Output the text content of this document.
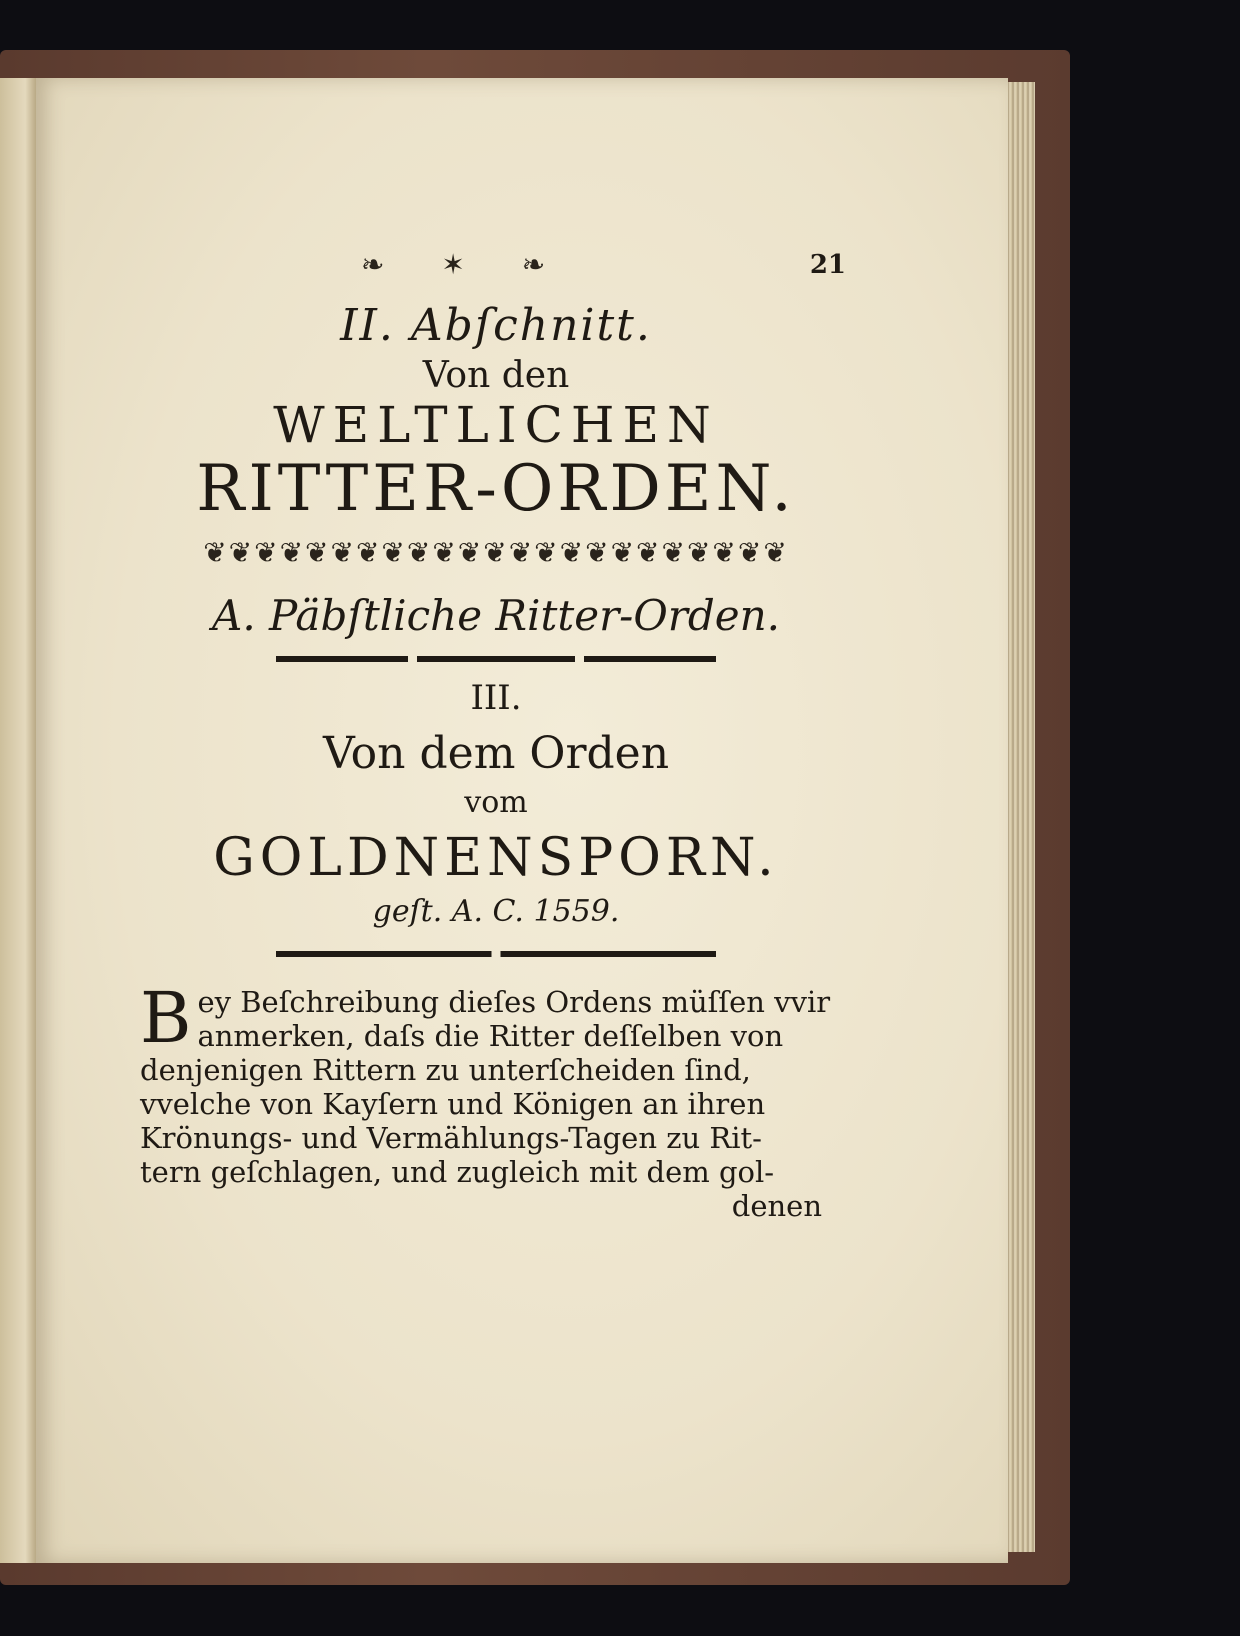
❧ ✶ ❧	21
II. Abſchnitt.
Von den
WELTLICHEN
RITTER-ORDEN.
❦❦❦❦❦❦❦❦❦❦❦❦❦❦❦❦❦❦❦❦❦❦❦
A. Päbſtliche Ritter-Orden.
III.
Von dem Orden
vom
GOLDNENSPORN.
geſt. A. C. 1559.
B ey Beſchreibung dieſes Ordens müſſen vvir
anmerken, daſs die Ritter deſſelben von
denjenigen Rittern zu unterſcheiden ſind,
vvelche von Kayſern und Königen an ihren
Krönungs- und Vermählungs-Tagen zu Rit-
tern geſchlagen, und zugleich mit dem gol-
denen
